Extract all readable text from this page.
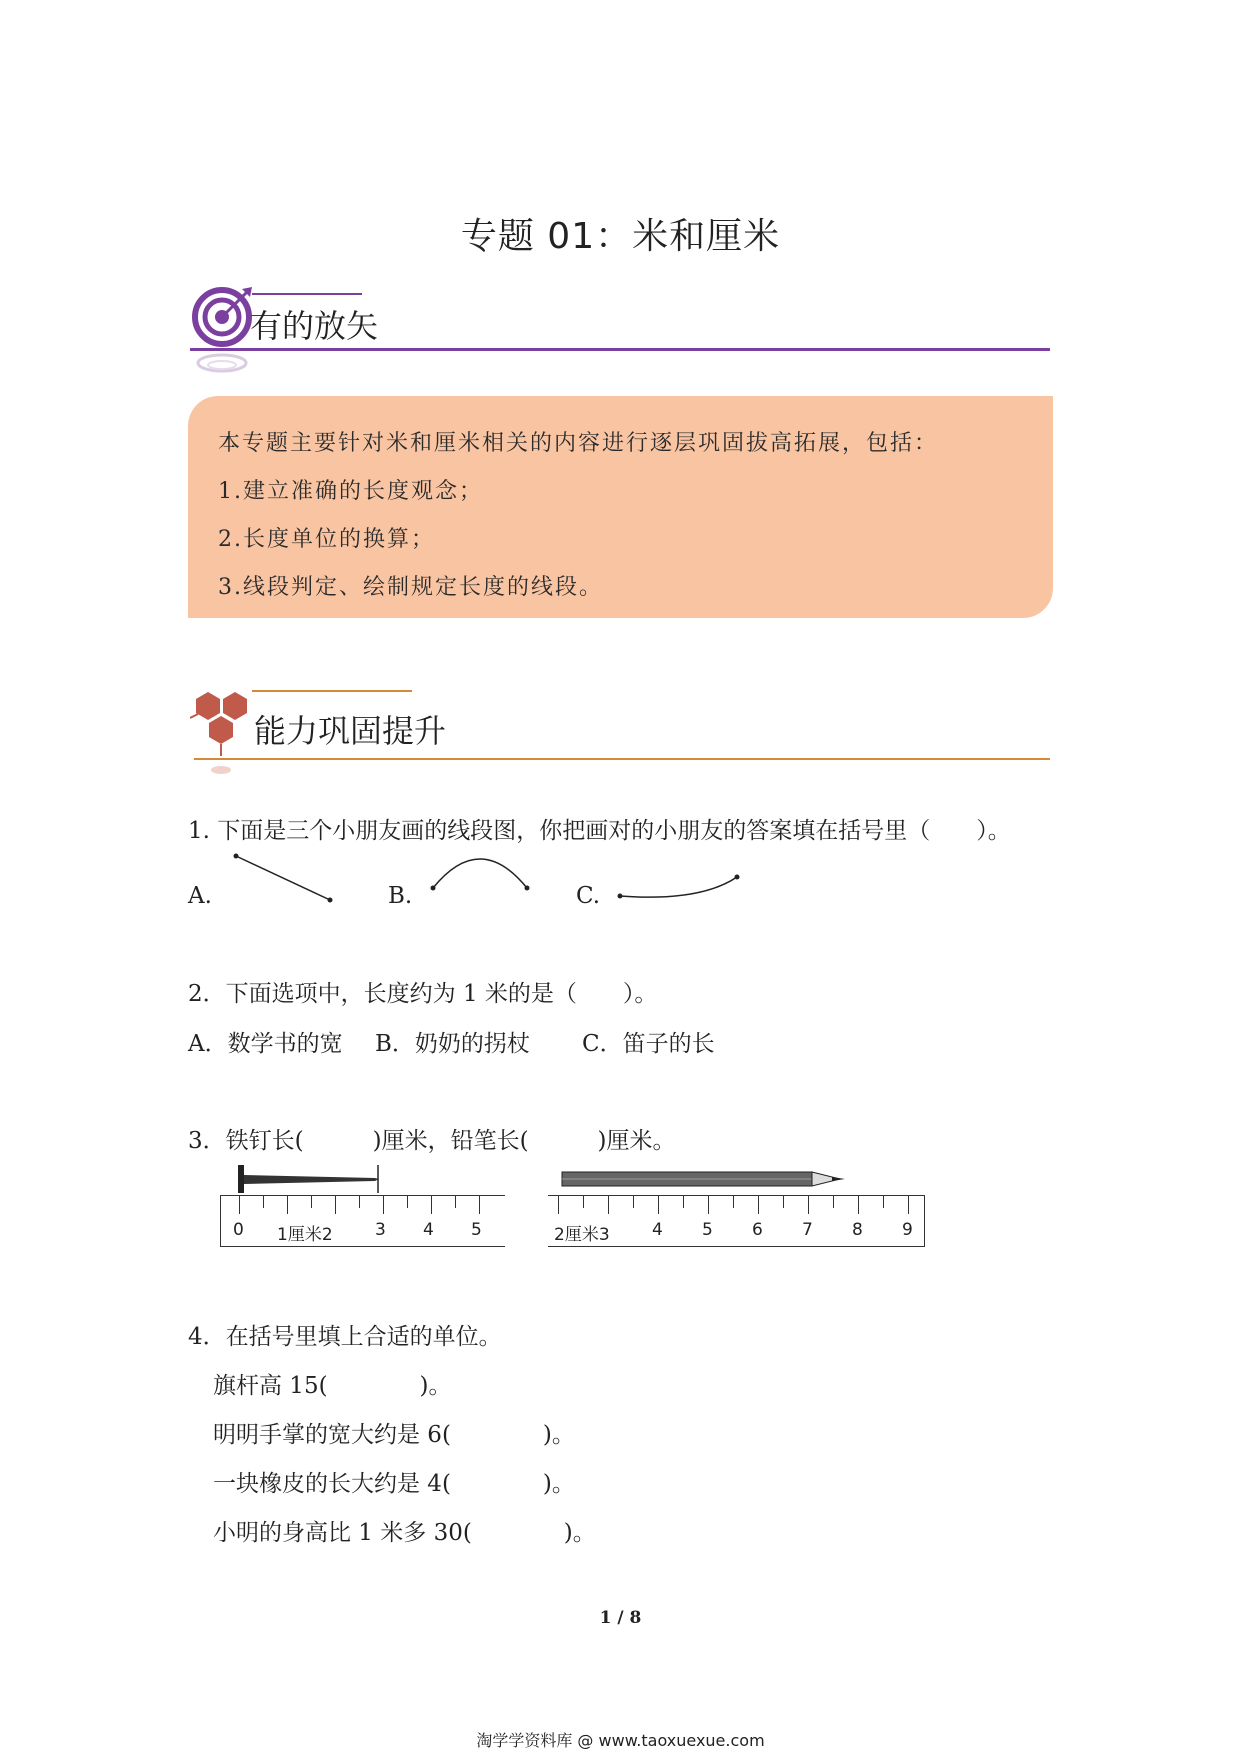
专题 01：米和厘米
有的放矢
本专题主要针对米和厘米相关的内容进行逐层巩固拔高拓展，包括：
1.建立准确的长度观念；
2.长度单位的换算；
3.线段判定、绘制规定长度的线段。
能力巩固提升
1. 下面是三个小朋友画的线段图，你把画对的小朋友的答案填在括号里（　　）。
A.	B.	C.
2．下面选项中，长度约为 1 米的是（　　）。
A．数学书的宽 B．奶奶的拐杖 C．笛子的长
3．铁钉长(　　　)厘米，铅笔长(　　　)厘米。
0 1厘米2 3 4 5	2厘米3 4 5 6 7 8 9
4．在括号里填上合适的单位。
旗杆高 15(　　　　)。
明明手掌的宽大约是 6(　　　　)。
一块橡皮的长大约是 4(　　　　)。
小明的身高比 1 米多 30(　　　　)。
1 / 8
淘学学资料库 @ www.taoxuexue.com
